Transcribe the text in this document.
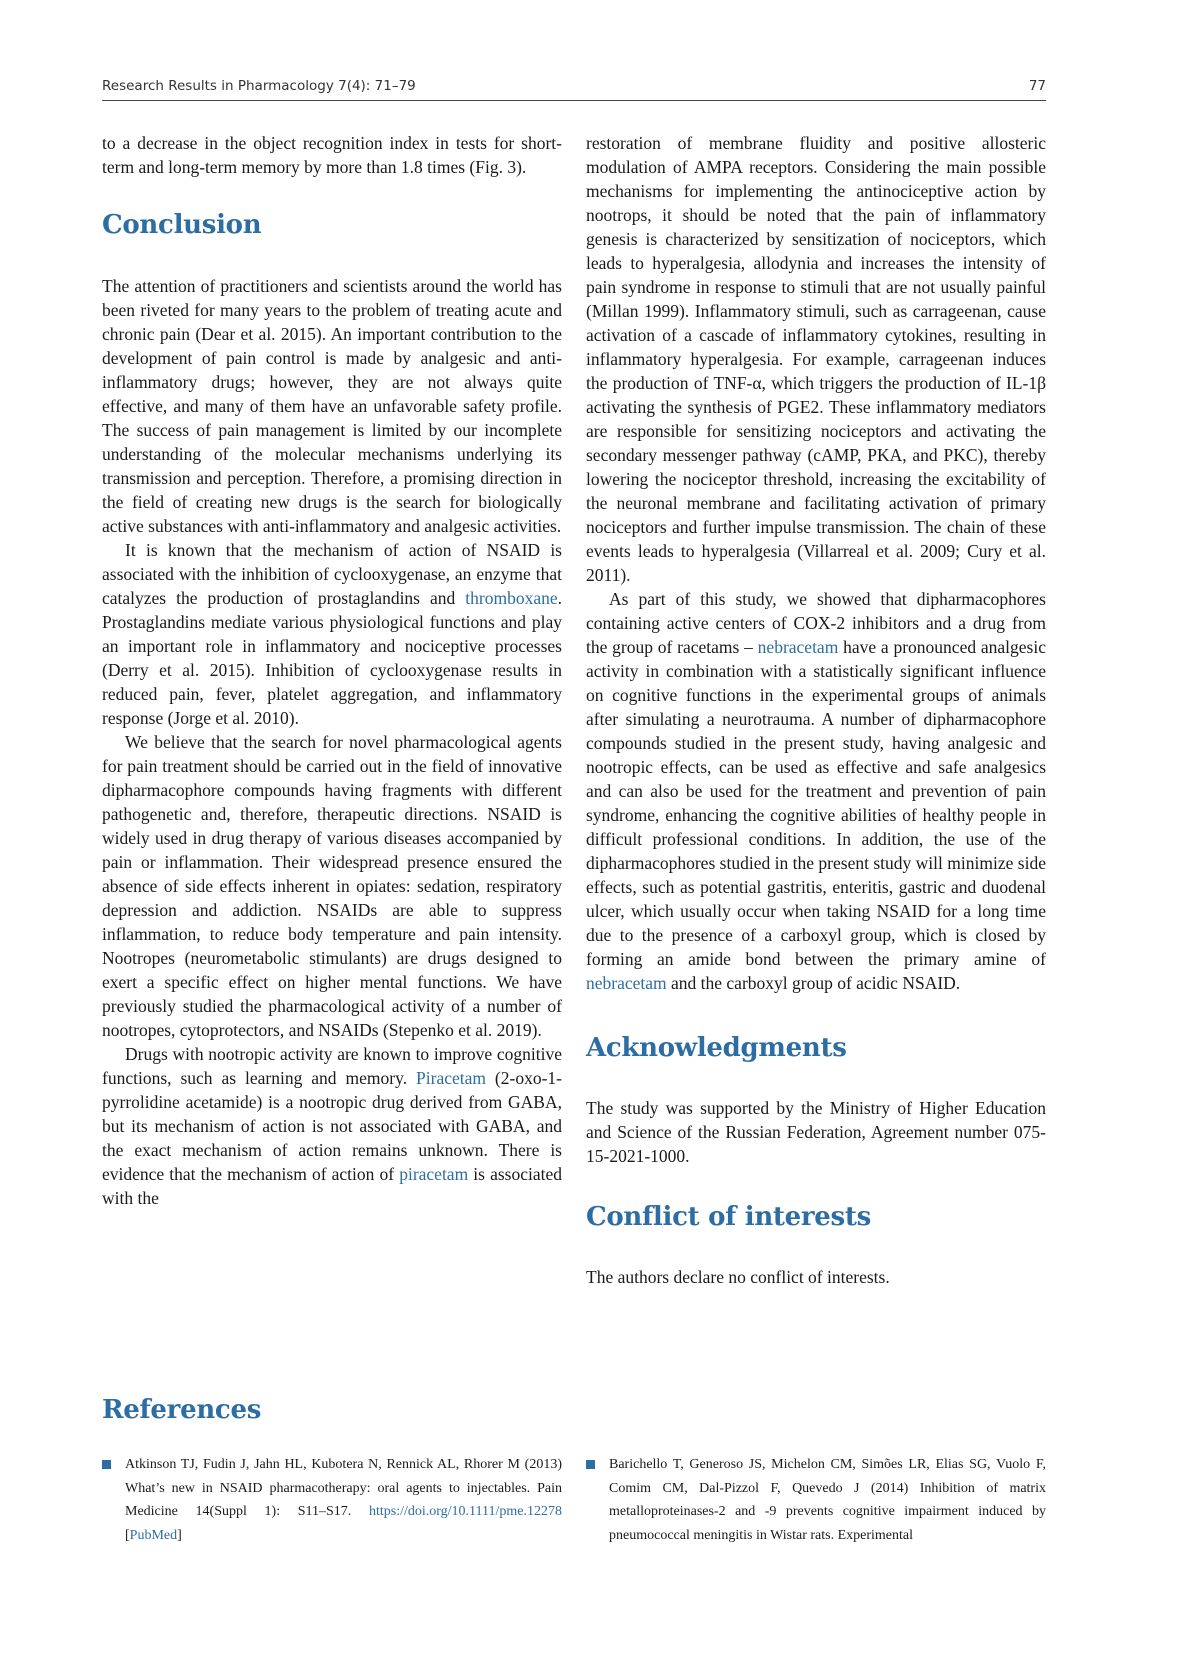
Research Results in Pharmacology 7(4): 71–79	77

to a decrease in the object recognition index in tests for short-term and long-term memory by more than 1.8 times (Fig. 3).

Conclusion

The attention of practitioners and scientists around the world has been riveted for many years to the problem of treating acute and chronic pain (Dear et al. 2015). An important contribution to the development of pain control is made by analgesic and anti-inflammatory drugs; however, they are not always quite effective, and many of them have an unfavorable safety profile. The success of pain management is limited by our incomplete understanding of the molecular mechanisms underlying its transmission and perception. Therefore, a promising direction in the field of creating new drugs is the search for biologically active substances with anti-inflammatory and analgesic activities.

It is known that the mechanism of action of NSAID is associated with the inhibition of cyclooxygenase, an enzyme that catalyzes the production of prostaglandins and thromboxane. Prostaglandins mediate various physiological functions and play an important role in inflammatory and nociceptive processes (Derry et al. 2015). Inhibition of cyclooxygenase results in reduced pain, fever, platelet aggregation, and inflammatory response (Jorge et al. 2010).

We believe that the search for novel pharmacological agents for pain treatment should be carried out in the field of innovative dipharmacophore compounds having fragments with different pathogenetic and, therefore, therapeutic directions. NSAID is widely used in drug therapy of various diseases accompanied by pain or inflammation. Their widespread presence ensured the absence of side effects inherent in opiates: sedation, respiratory depression and addiction. NSAIDs are able to suppress inflammation, to reduce body temperature and pain intensity. Nootropes (neurometabolic stimulants) are drugs designed to exert a specific effect on higher mental functions. We have previously studied the pharmacological activity of a number of nootropes, cytoprotectors, and NSAIDs (Stepenko et al. 2019).

Drugs with nootropic activity are known to improve cognitive functions, such as learning and memory. Piracetam (2-oxo-1-pyrrolidine acetamide) is a nootropic drug derived from GABA, but its mechanism of action is not associated with GABA, and the exact mechanism of action remains unknown. There is evidence that the mechanism of action of piracetam is associated with the

restoration of membrane fluidity and positive allosteric modulation of AMPA receptors. Considering the main possible mechanisms for implementing the antinociceptive action by nootrops, it should be noted that the pain of inflammatory genesis is characterized by sensitization of nociceptors, which leads to hyperalgesia, allodynia and increases the intensity of pain syndrome in response to stimuli that are not usually painful (Millan 1999). Inflammatory stimuli, such as carrageenan, cause activation of a cascade of inflammatory cytokines, resulting in inflammatory hyperalgesia. For example, carrageenan induces the production of TNF-α, which triggers the production of IL-1β activating the synthesis of PGE2. These inflammatory mediators are responsible for sensitizing nociceptors and activating the secondary messenger pathway (cAMP, PKA, and PKC), thereby lowering the nociceptor threshold, increasing the excitability of the neuronal membrane and facilitating activation of primary nociceptors and further impulse transmission. The chain of these events leads to hyperalgesia (Villarreal et al. 2009; Cury et al. 2011).

As part of this study, we showed that dipharmacophores containing active centers of COX-2 inhibitors and a drug from the group of racetams – nebracetam have a pronounced analgesic activity in combination with a statistically significant influence on cognitive functions in the experimental groups of animals after simulating a neurotrauma. A number of dipharmacophore compounds studied in the present study, having analgesic and nootropic effects, can be used as effective and safe analgesics and can also be used for the treatment and prevention of pain syndrome, enhancing the cognitive abilities of healthy people in difficult professional conditions. In addition, the use of the dipharmacophores studied in the present study will minimize side effects, such as potential gastritis, enteritis, gastric and duodenal ulcer, which usually occur when taking NSAID for a long time due to the presence of a carboxyl group, which is closed by forming an amide bond between the primary amine of nebracetam and the carboxyl group of acidic NSAID.

Acknowledgments

The study was supported by the Ministry of Higher Education and Science of the Russian Federation, Agreement number 075-15-2021-1000.

Conflict of interests

The authors declare no conflict of interests.

References
Atkinson TJ, Fudin J, Jahn HL, Kubotera N, Rennick AL, Rhorer M (2013) What’s new in NSAID pharmacotherapy: oral agents to injectables. Pain Medicine 14(Suppl 1): S11–S17. https://doi.org/10.1111/pme.12278 [PubMed]
Barichello T, Generoso JS, Michelon CM, Simões LR, Elias SG, Vuolo F, Comim CM, Dal-Pizzol F, Quevedo J (2014) Inhibition of matrix metalloproteinases-2 and -9 prevents cognitive impairment induced by pneumococcal meningitis in Wistar rats. Experimental
